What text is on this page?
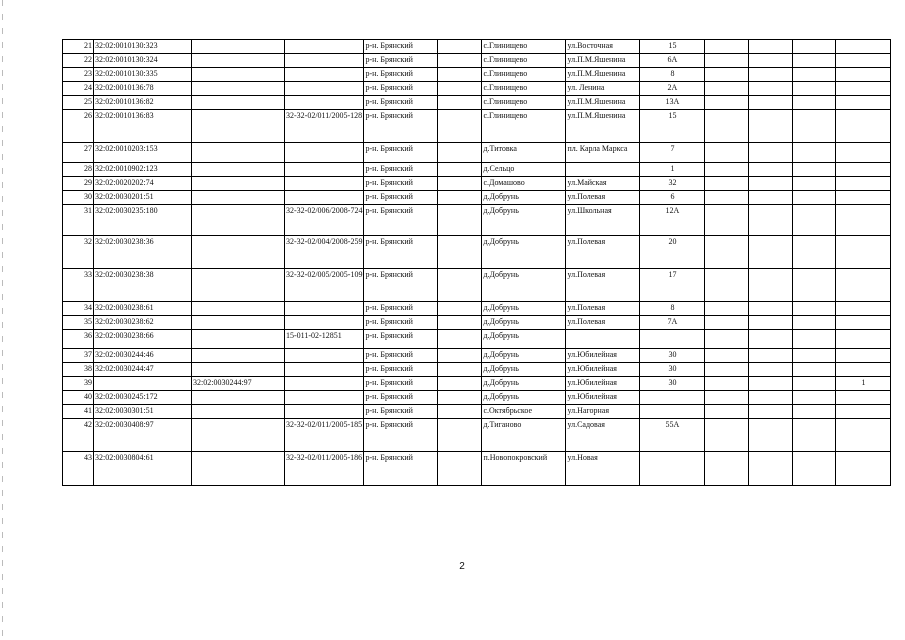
21	32:02:0010130:323			р-н. Брянский		с.Глинищево	ул.Восточная	15				
22	32:02:0010130:324			р-н. Брянский		с.Глинищево	ул.П.М.Яшенина	6А				
23	32:02:0010130:335			р-н. Брянский		с.Глинищево	ул.П.М.Яшенина	8				
24	32:02:0010136:78			р-н. Брянский		с.Глинищево	ул. Ленина	2А				
25	32:02:0010136:82			р-н. Брянский		с.Глинищево	ул.П.М.Яшенина	13А				
26	32:02:0010136:83		32-32-02/011/2005-128	р-н. Брянский		с.Глинищево	ул.П.М.Яшенина	15				
27	32:02:0010203:153			р-н. Брянский		д.Титовка	пл. Карла Маркса	7				
28	32:02:0010902:123			р-н. Брянский		д.Сельцо		1				
29	32:02:0020202:74			р-н. Брянский		с.Домашово	ул.Майская	32				
30	32:02:0030201:51			р-н. Брянский		д.Добрунь	ул.Полевая	6				
31	32:02:0030235:180		32-32-02/006/2008-724	р-н. Брянский		д.Добрунь	ул.Школьная	12А				
32	32:02:0030238:36		32-32-02/004/2008-259	р-н. Брянский		д.Добрунь	ул.Полевая	20				
33	32:02:0030238:38		32-32-02/005/2005-109	р-н. Брянский		д.Добрунь	ул.Полевая	17				
34	32:02:0030238:61			р-н. Брянский		д.Добрунь	ул.Полевая	8				
35	32:02:0030238:62			р-н. Брянский		д.Добрунь	ул.Полевая	7А				
36	32:02:0030238:66		15-011-02-12851	р-н. Брянский		д.Добрунь						
37	32:02:0030244:46			р-н. Брянский		д.Добрунь	ул.Юбилейная	30				
38	32:02:0030244:47			р-н. Брянский		д.Добрунь	ул.Юбилейная	30				
39		32:02:0030244:97		р-н. Брянский		д.Добрунь	ул.Юбилейная	30				1
40	32:02:0030245:172			р-н. Брянский		д.Добрунь	ул.Юбилейная					
41	32:02:0030301:51			р-н. Брянский		с.Октябрьское	ул.Нагорная					
42	32:02:0030408:97		32-32-02/011/2005-185	р-н. Брянский		д.Тиганово	ул.Садовая	55А				
43	32:02:0030804:61		32-32-02/011/2005-186	р-н. Брянский		п.Новопокровский	ул.Новая					
2
